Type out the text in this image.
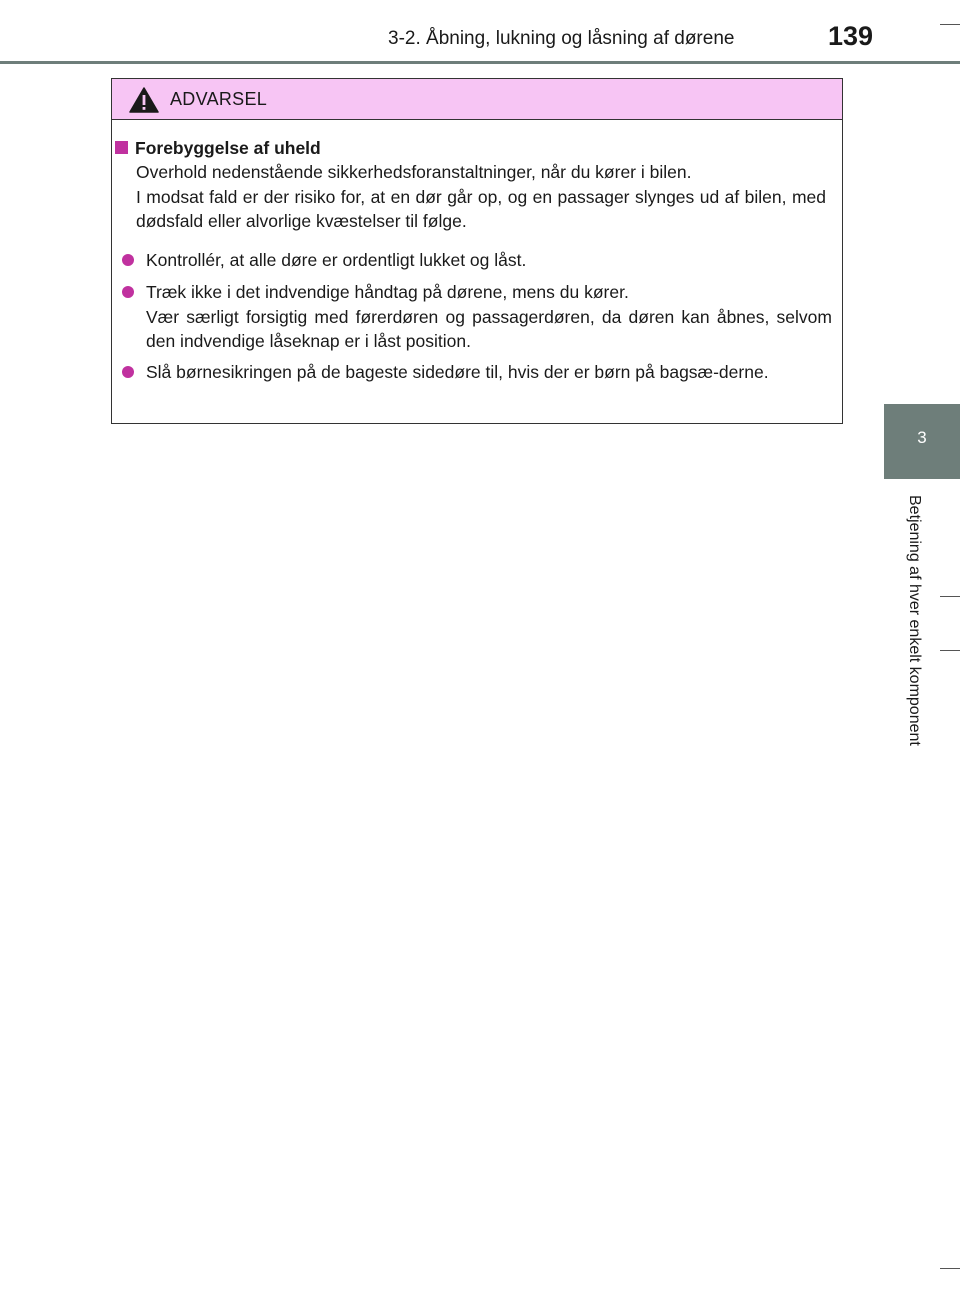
3-2. Åbning, lukning og låsning af dørene	139
3
Betjening af hver enkelt komponent
ADVARSEL
Forebyggelse af uheld
Overhold nedenstående sikkerhedsforanstaltninger, når du kører i bilen.
I modsat fald er der risiko for, at en dør går op, og en passager slynges ud af bilen, med dødsfald eller alvorlige kvæstelser til følge.
Kontrollér, at alle døre er ordentligt lukket og låst.
Træk ikke i det indvendige håndtag på dørene, mens du kører.
Vær særligt forsigtig med førerdøren og passagerdøren, da døren kan åbnes, selvom den indvendige låseknap er i låst position.
Slå børnesikringen på de bageste sidedøre til, hvis der er børn på bagsæ-derne.
